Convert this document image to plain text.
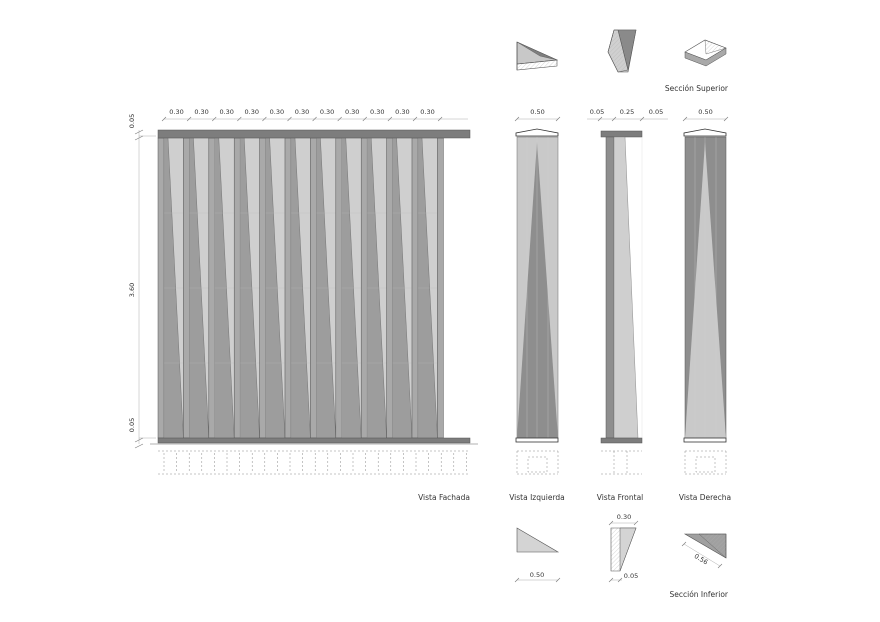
0.30 0.30 0.30 0.30 0.30 0.30 0.30 0.30 0.30 0.30 0.30
0.05
3.60
0.05
Vista Fachada
0.50
Vista Izquierda
0.05 0.25 0.05
Vista Frontal
0.50
Vista Derecha
Sección Superior
0.50
0.30
0.05
0.56
Sección Inferior
